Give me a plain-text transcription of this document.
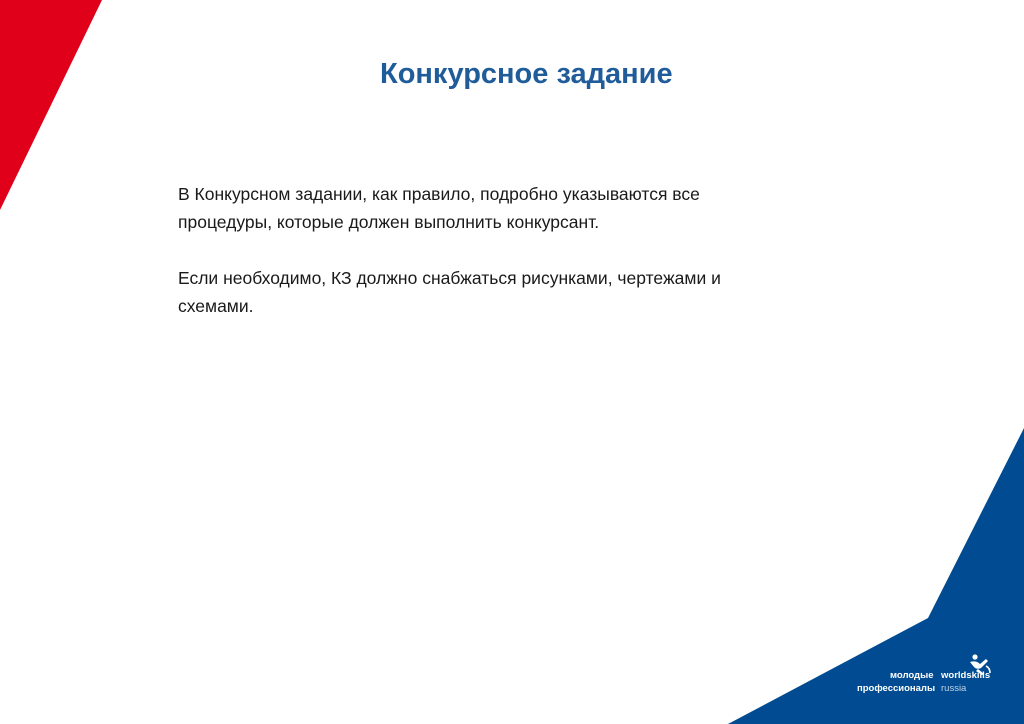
Конкурсное задание

В Конкурсном задании, как правило, подробно указываются все процедуры, которые должен выполнить конкурсант.

Если необходимо, КЗ должно снабжаться рисунками, чертежами и схемами.

молодые
профессионалы
worldskills
russia
